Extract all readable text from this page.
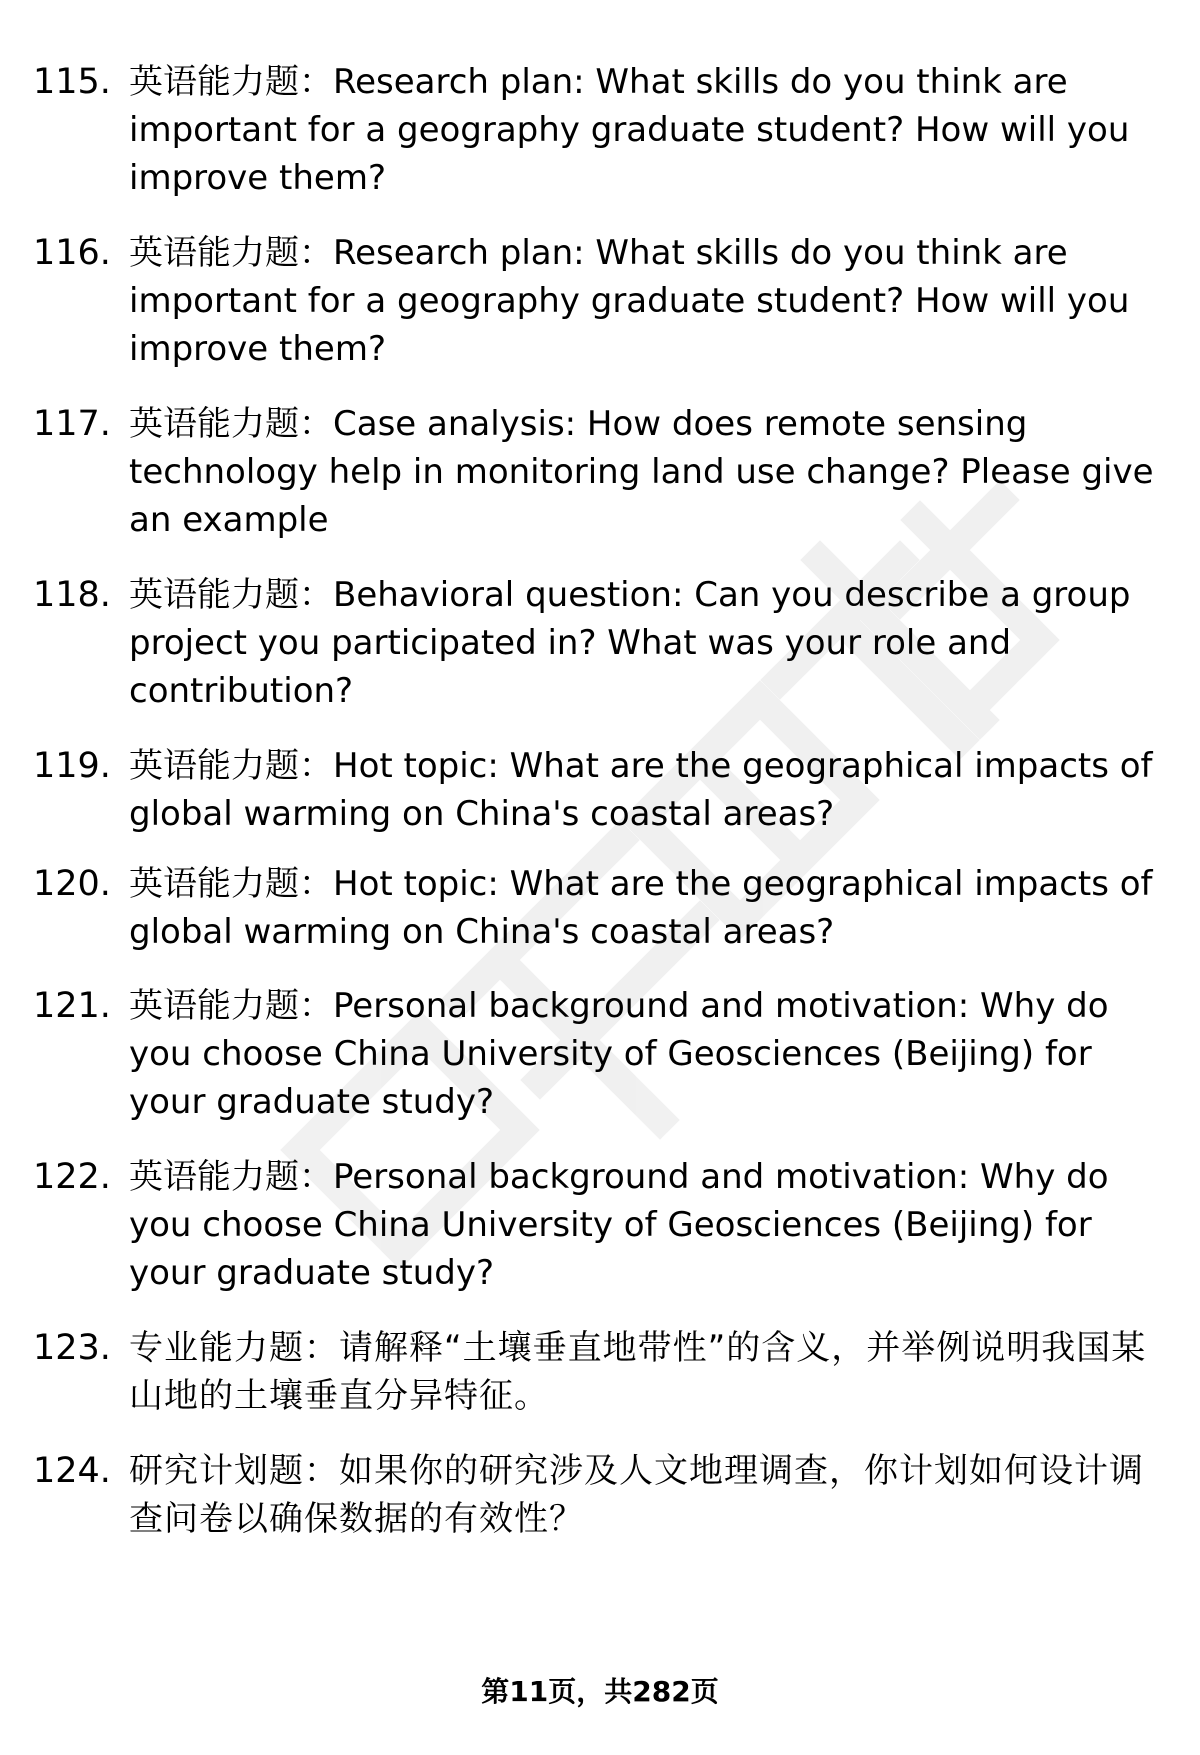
115. 英语能力题：Research plan: What skills do you think are important for a geography graduate student? How will you improve them?
116. 英语能力题：Research plan: What skills do you think are important for a geography graduate student? How will you improve them?
117. 英语能力题：Case analysis: How does remote sensing technology help in monitoring land use change? Please give an example
118. 英语能力题：Behavioral question: Can you describe a group project you participated in? What was your role and contribution?
119. 英语能力题：Hot topic: What are the geographical impacts of global warming on China's coastal areas?
120. 英语能力题：Hot topic: What are the geographical impacts of global warming on China's coastal areas?
121. 英语能力题：Personal background and motivation: Why do you choose China University of Geosciences (Beijing) for your graduate study?
122. 英语能力题：Personal background and motivation: Why do you choose China University of Geosciences (Beijing) for your graduate study?
123. 专业能力题：请解释“土壤垂直地带性”的含义，并举例说明我国某山地的土壤垂直分异特征。
124. 研究计划题：如果你的研究涉及人文地理调查，你计划如何设计调查问卷以确保数据的有效性？
第11页，共282页
